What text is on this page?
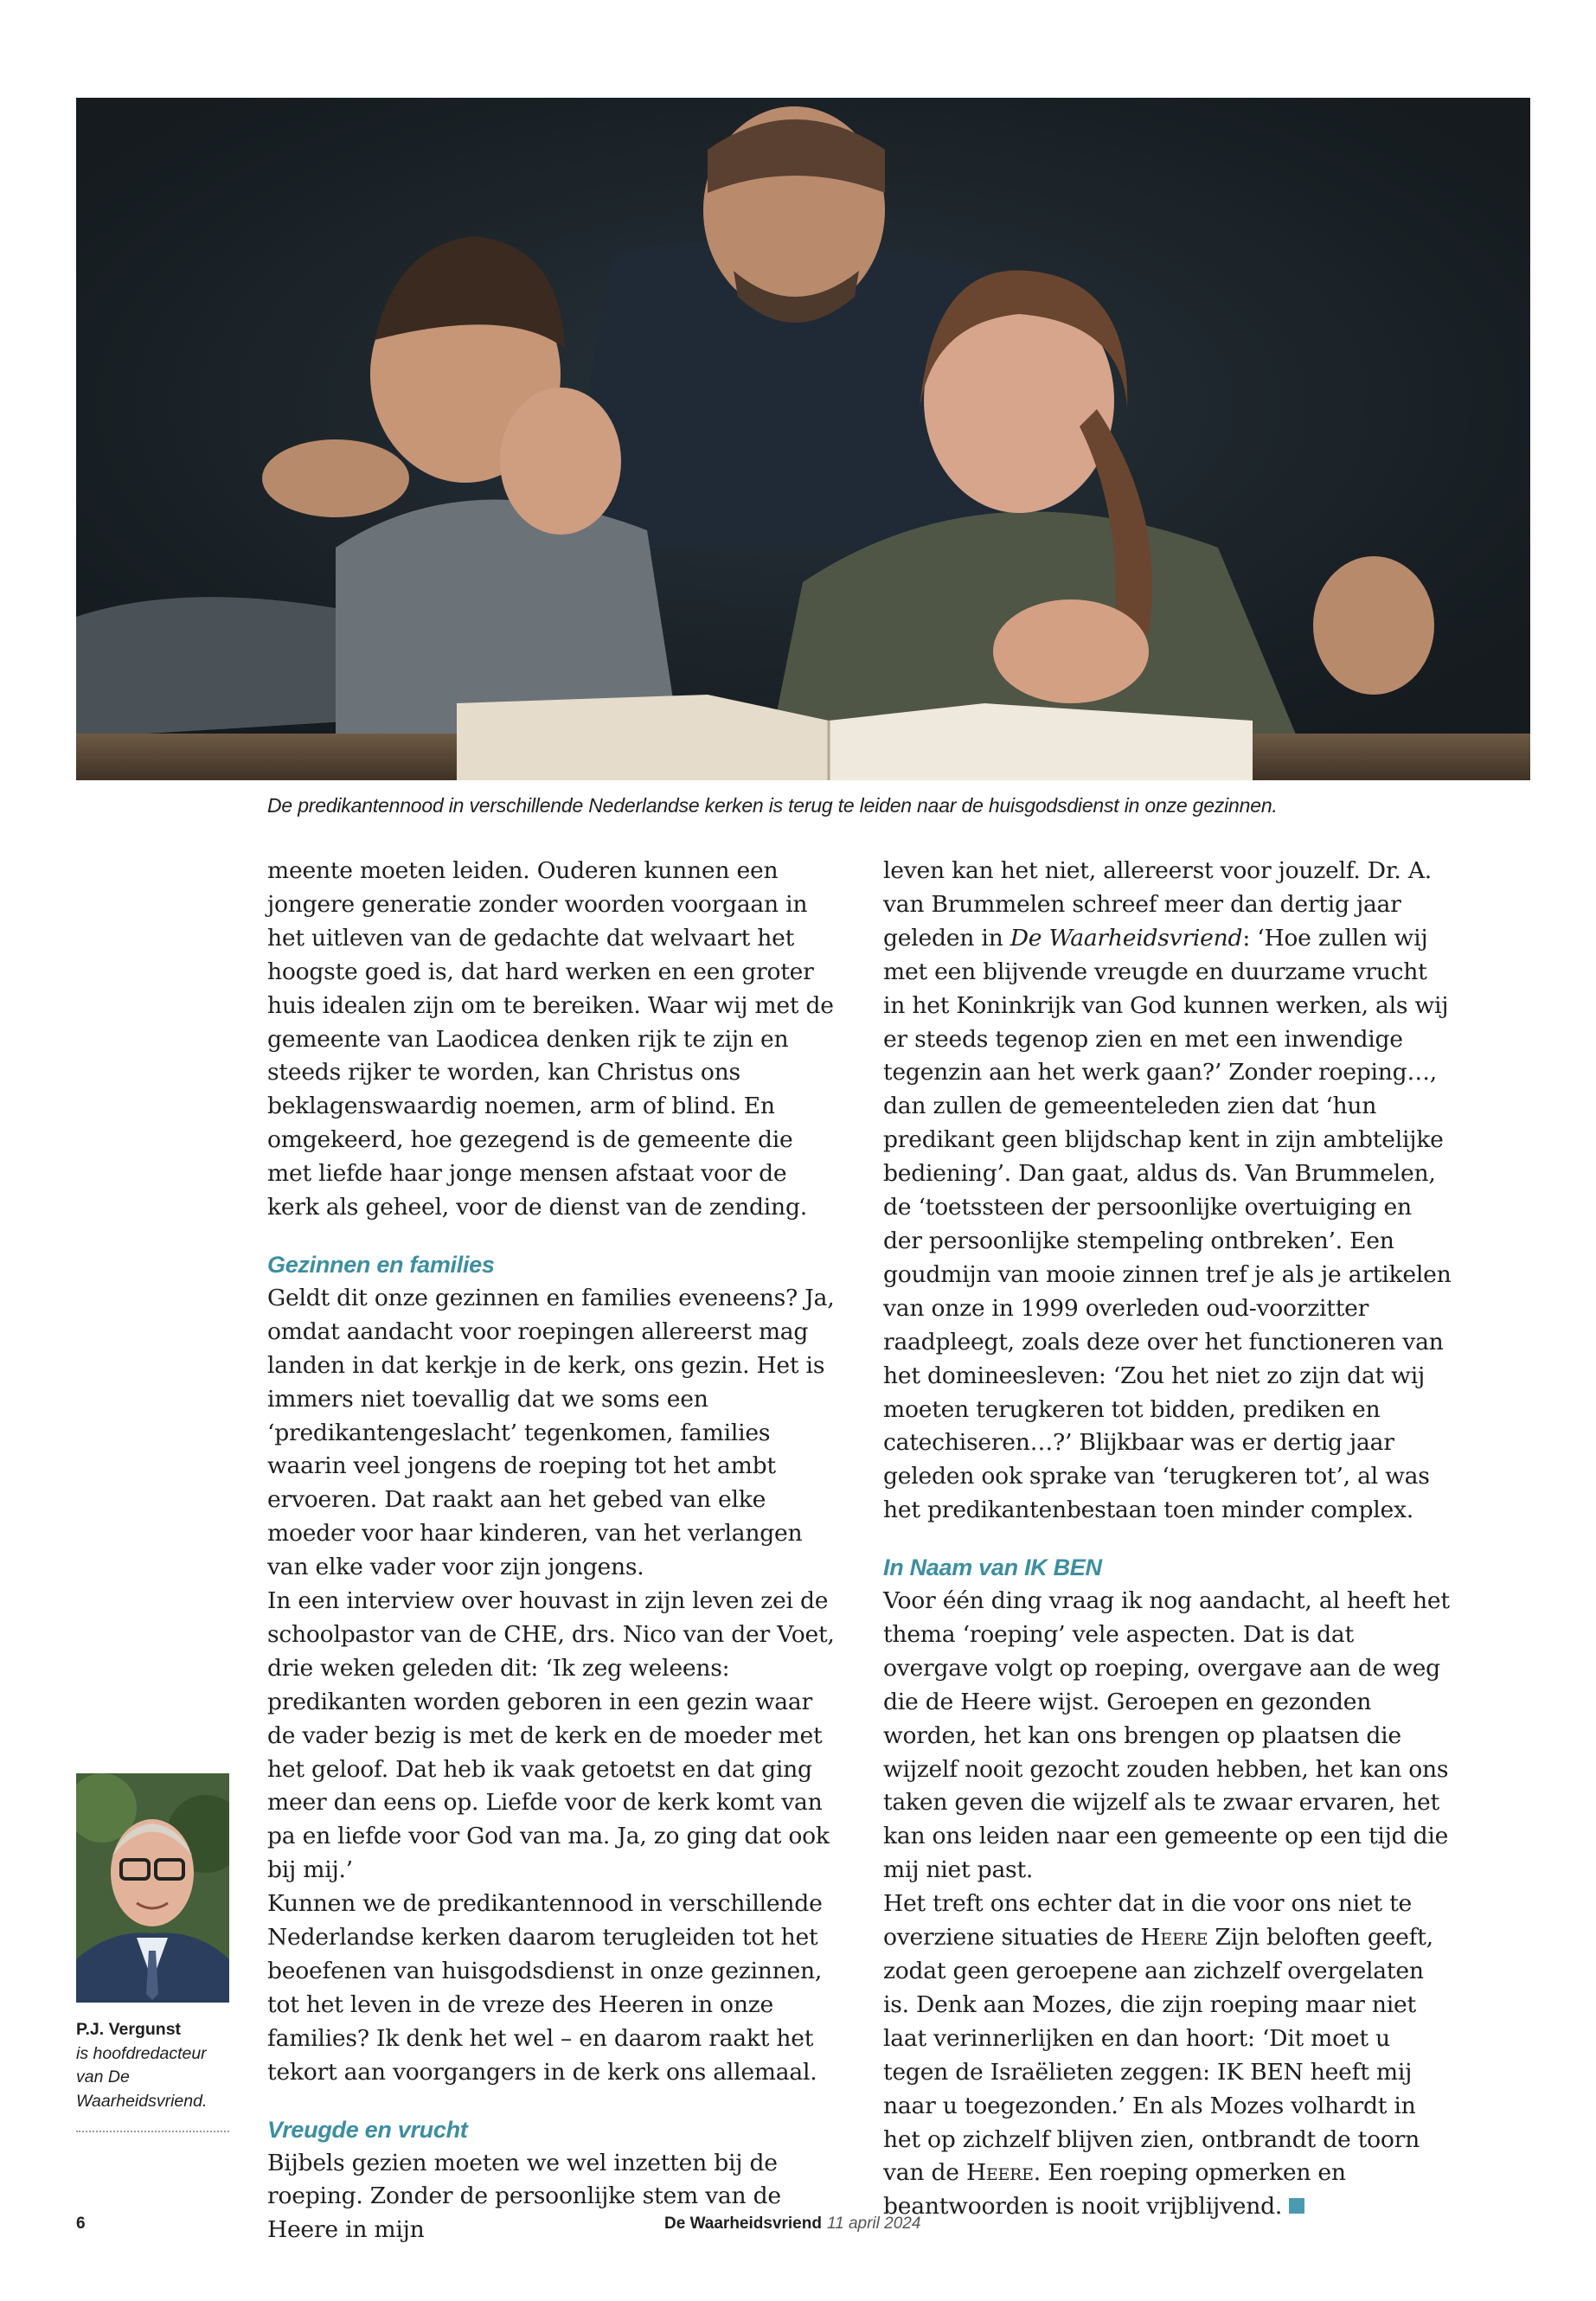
De predikantennood in verschillende Nederlandse kerken is terug te leiden naar de huisgodsdienst in onze gezinnen.

meente moeten leiden. Ouderen kunnen een jongere generatie zonder woorden voorgaan in het uitleven van de gedachte dat welvaart het hoogste goed is, dat hard werken en een groter huis idealen zijn om te bereiken. Waar wij met de gemeente van Laodicea denken rijk te zijn en steeds rijker te worden, kan Christus ons beklagenswaardig noemen, arm of blind. En omgekeerd, hoe gezegend is de gemeente die met liefde haar jonge mensen afstaat voor de kerk als geheel, voor de dienst van de zending.

Gezinnen en families

Geldt dit onze gezinnen en families eveneens? Ja, omdat aandacht voor roepingen allereerst mag landen in dat kerkje in de kerk, ons gezin. Het is immers niet toevallig dat we soms een ‘predikantengeslacht’ tegenkomen, families waarin veel jongens de roeping tot het ambt ervoeren. Dat raakt aan het gebed van elke moeder voor haar kinderen, van het verlangen van elke vader voor zijn jongens.

In een interview over houvast in zijn leven zei de schoolpastor van de CHE, drs. Nico van der Voet, drie weken geleden dit: ‘Ik zeg weleens: predikanten worden geboren in een gezin waar de vader bezig is met de kerk en de moeder met het geloof. Dat heb ik vaak getoetst en dat ging meer dan eens op. Liefde voor de kerk komt van pa en liefde voor God van ma. Ja, zo ging dat ook bij mij.’

Kunnen we de predikantennood in verschillende Nederlandse kerken daarom terugleiden tot het beoefenen van huisgodsdienst in onze gezinnen, tot het leven in de vreze des Heeren in onze families? Ik denk het wel – en daarom raakt het tekort aan voorgangers in de kerk ons allemaal.

Vreugde en vrucht

Bijbels gezien moeten we wel inzetten bij de roeping. Zonder de persoonlijke stem van de Heere in mijn

leven kan het niet, allereerst voor jouzelf. Dr. A. van Brummelen schreef meer dan dertig jaar geleden in De Waarheidsvriend: ‘Hoe zullen wij met een blijvende vreugde en duurzame vrucht in het Koninkrijk van God kunnen werken, als wij er steeds tegenop zien en met een inwendige tegenzin aan het werk gaan?’ Zonder roeping…, dan zullen de gemeenteleden zien dat ‘hun predikant geen blijdschap kent in zijn ambtelijke bediening’. Dan gaat, aldus ds. Van Brummelen, de ‘toetssteen der persoonlijke overtuiging en der persoonlijke stempeling ontbreken’. Een goudmijn van mooie zinnen tref je als je artikelen van onze in 1999 overleden oud-voorzitter raadpleegt, zoals deze over het functioneren van het domineesleven: ‘Zou het niet zo zijn dat wij moeten terugkeren tot bidden, prediken en catechiseren…?’ Blijkbaar was er dertig jaar geleden ook sprake van ‘terugkeren tot’, al was het predikantenbestaan toen minder complex.

In Naam van IK BEN

Voor één ding vraag ik nog aandacht, al heeft het thema ‘roeping’ vele aspecten. Dat is dat overgave volgt op roeping, overgave aan de weg die de Heere wijst. Geroepen en gezonden worden, het kan ons brengen op plaatsen die wijzelf nooit gezocht zouden hebben, het kan ons taken geven die wijzelf als te zwaar ervaren, het kan ons leiden naar een gemeente op een tijd die mij niet past.

Het treft ons echter dat in die voor ons niet te overziene situaties de Heere Zijn beloften geeft, zodat geen geroepene aan zichzelf overgelaten is. Denk aan Mozes, die zijn roeping maar niet laat verinnerlijken en dan hoort: ‘Dit moet u tegen de Israëlieten zeggen: IK BEN heeft mij naar u toegezonden.’ En als Mozes volhardt in het op zichzelf blijven zien, ontbrandt de toorn van de Heere. Een roeping opmerken en beantwoorden is nooit vrijblijvend.

P.J. Vergunst
is hoofdredacteur van De Waarheidsvriend.
6	De Waarheidsvriend 11 april 2024
